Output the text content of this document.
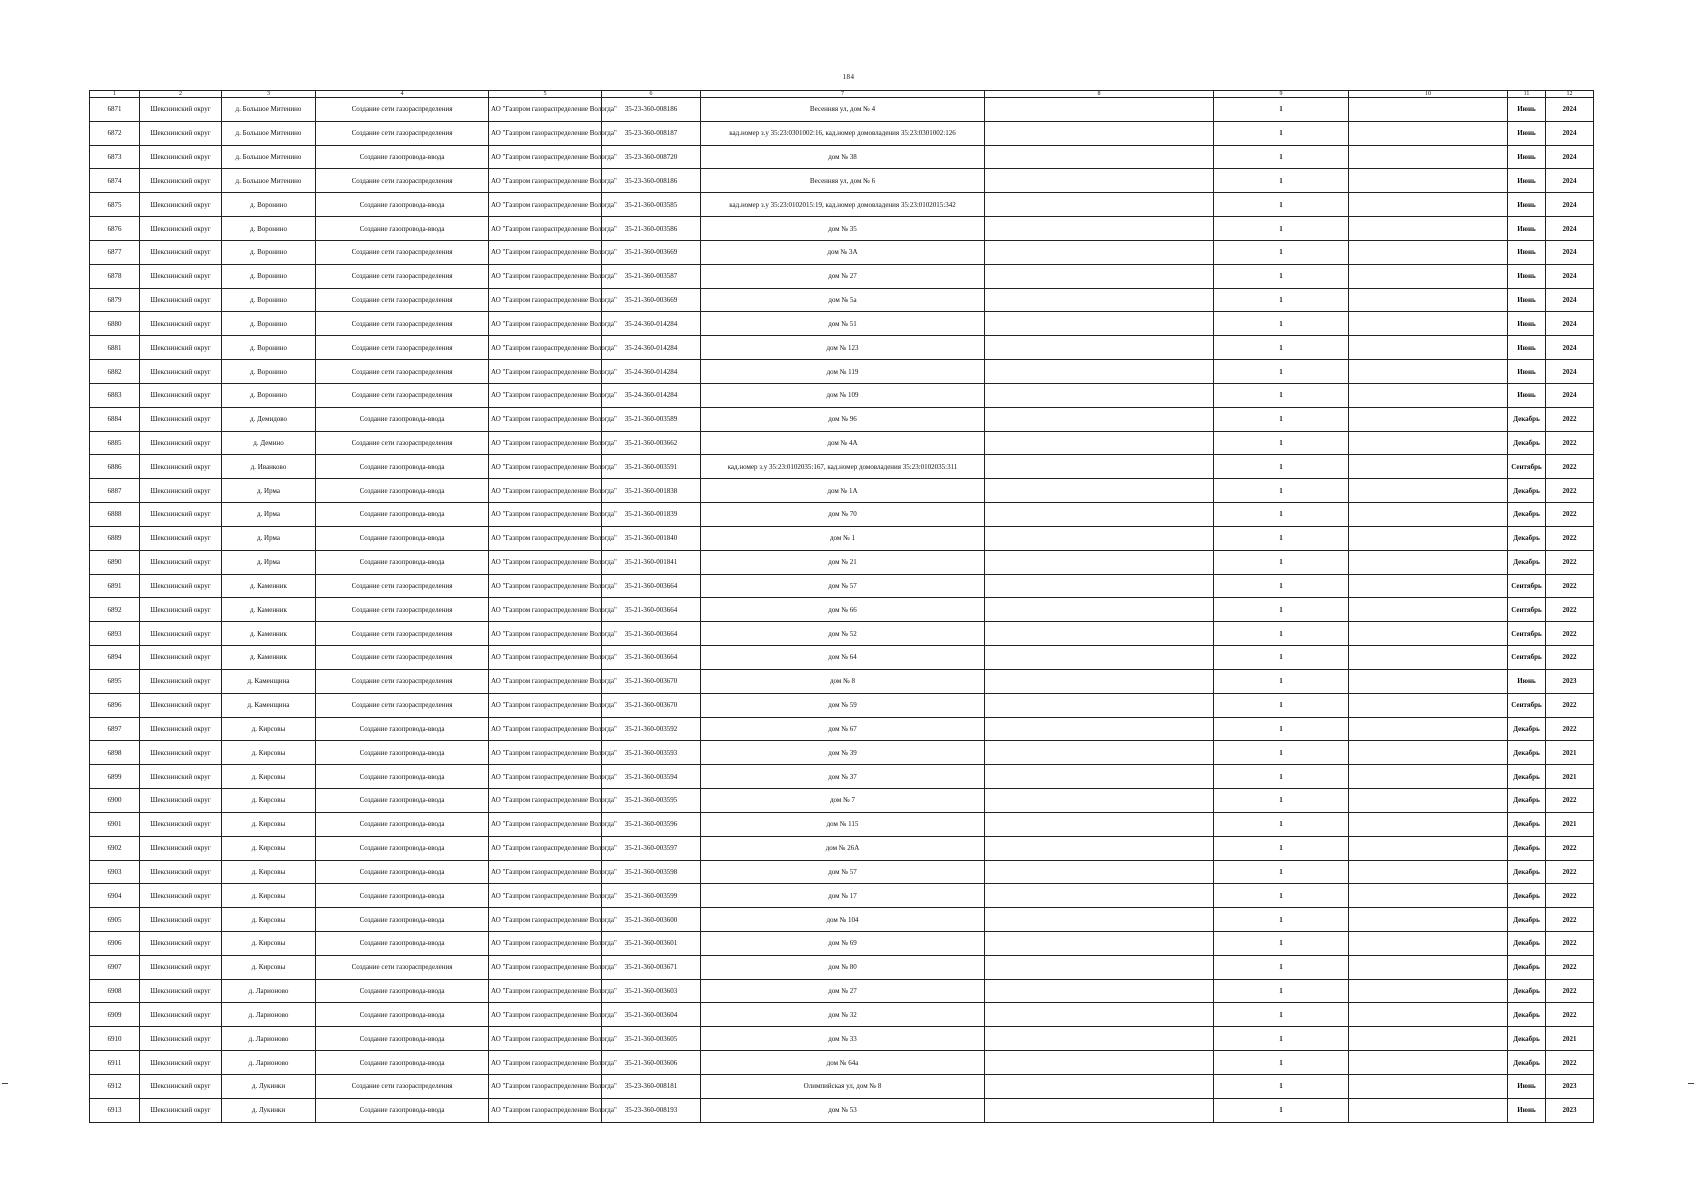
184
1	2	3	4	5	6	7	8	9	10	11	12
6871	Шекснинский округ	д. Большое Митенино	Создание сети газораспределения	АО "Газпром газораспределение Вологда"	35-23-360-008186	Весенняя ул, дом № 4		1		Июнь	2024
6872	Шекснинский округ	д. Большое Митенино	Создание сети газораспределения	АО "Газпром газораспределение Вологда"	35-23-360-008187	кад.номер з.у 35:23:0301002:16, кад.номер домовладения 35:23:0301002:126		1		Июнь	2024
6873	Шекснинский округ	д. Большое Митенино	Создание газопровода-ввода	АО "Газпром газораспределение Вологда"	35-23-360-008720	дом № 38		1		Июнь	2024
6874	Шекснинский округ	д. Большое Митенино	Создание сети газораспределения	АО "Газпром газораспределение Вологда"	35-23-360-008186	Весенняя ул, дом № 6		1		Июнь	2024
6875	Шекснинский округ	д. Воронино	Создание газопровода-ввода	АО "Газпром газораспределение Вологда"	35-21-360-003585	кад.номер з.у 35:23:0102015:19, кад.номер домовладения 35:23:0102015:342		1		Июнь	2024
6876	Шекснинский округ	д. Воронино	Создание газопровода-ввода	АО "Газпром газораспределение Вологда"	35-21-360-003586	дом № 35		1		Июнь	2024
6877	Шекснинский округ	д. Воронино	Создание сети газораспределения	АО "Газпром газораспределение Вологда"	35-21-360-003669	дом № 3А		1		Июнь	2024
6878	Шекснинский округ	д. Воронино	Создание сети газораспределения	АО "Газпром газораспределение Вологда"	35-21-360-003587	дом № 27		1		Июнь	2024
6879	Шекснинский округ	д. Воронино	Создание сети газораспределения	АО "Газпром газораспределение Вологда"	35-21-360-003669	дом № 5а		1		Июнь	2024
6880	Шекснинский округ	д. Воронино	Создание сети газораспределения	АО "Газпром газораспределение Вологда"	35-24-360-014284	дом № 51		1		Июнь	2024
6881	Шекснинский округ	д. Воронино	Создание сети газораспределения	АО "Газпром газораспределение Вологда"	35-24-360-014284	дом № 123		1		Июнь	2024
6882	Шекснинский округ	д. Воронино	Создание сети газораспределения	АО "Газпром газораспределение Вологда"	35-24-360-014284	дом № 119		1		Июнь	2024
6883	Шекснинский округ	д. Воронино	Создание сети газораспределения	АО "Газпром газораспределение Вологда"	35-24-360-014284	дом № 109		1		Июнь	2024
6884	Шекснинский округ	д. Демидово	Создание газопровода-ввода	АО "Газпром газораспределение Вологда"	35-21-360-003589	дом № 96		1		Декабрь	2022
6885	Шекснинский округ	д. Демино	Создание сети газораспределения	АО "Газпром газораспределение Вологда"	35-21-360-003662	дом № 4А		1		Декабрь	2022
6886	Шекснинский округ	д. Иванково	Создание газопровода-ввода	АО "Газпром газораспределение Вологда"	35-21-360-003591	кад.номер з.у 35:23:0102035:167, кад.номер домовладения 35:23:0102035:311		1		Сентябрь	2022
6887	Шекснинский округ	д. Ирма	Создание газопровода-ввода	АО "Газпром газораспределение Вологда"	35-21-360-001838	дом № 1А		1		Декабрь	2022
6888	Шекснинский округ	д. Ирма	Создание газопровода-ввода	АО "Газпром газораспределение Вологда"	35-21-360-001839	дом № 70		1		Декабрь	2022
6889	Шекснинский округ	д. Ирма	Создание газопровода-ввода	АО "Газпром газораспределение Вологда"	35-21-360-001840	дом № 1		1		Декабрь	2022
6890	Шекснинский округ	д. Ирма	Создание газопровода-ввода	АО "Газпром газораспределение Вологда"	35-21-360-001841	дом № 21		1		Декабрь	2022
6891	Шекснинский округ	д. Каменник	Создание сети газораспределения	АО "Газпром газораспределение Вологда"	35-21-360-003664	дом № 57		1		Сентябрь	2022
6892	Шекснинский округ	д. Каменник	Создание сети газораспределения	АО "Газпром газораспределение Вологда"	35-21-360-003664	дом № 66		1		Сентябрь	2022
6893	Шекснинский округ	д. Каменник	Создание сети газораспределения	АО "Газпром газораспределение Вологда"	35-21-360-003664	дом № 52		1		Сентябрь	2022
6894	Шекснинский округ	д. Каменник	Создание сети газораспределения	АО "Газпром газораспределение Вологда"	35-21-360-003664	дом № 64		1		Сентябрь	2022
6895	Шекснинский округ	д. Каменщина	Создание сети газораспределения	АО "Газпром газораспределение Вологда"	35-21-360-003670	дом № 8		1		Июнь	2023
6896	Шекснинский округ	д. Каменщина	Создание сети газораспределения	АО "Газпром газораспределение Вологда"	35-21-360-003670	дом № 59		1		Сентябрь	2022
6897	Шекснинский округ	д. Кирсовы	Создание газопровода-ввода	АО "Газпром газораспределение Вологда"	35-21-360-003592	дом № 67		1		Декабрь	2022
6898	Шекснинский округ	д. Кирсовы	Создание газопровода-ввода	АО "Газпром газораспределение Вологда"	35-21-360-003593	дом № 39		1		Декабрь	2021
6899	Шекснинский округ	д. Кирсовы	Создание газопровода-ввода	АО "Газпром газораспределение Вологда"	35-21-360-003594	дом № 37		1		Декабрь	2021
6900	Шекснинский округ	д. Кирсовы	Создание газопровода-ввода	АО "Газпром газораспределение Вологда"	35-21-360-003595	дом № 7		1		Декабрь	2022
6901	Шекснинский округ	д. Кирсовы	Создание газопровода-ввода	АО "Газпром газораспределение Вологда"	35-21-360-003596	дом № 115		1		Декабрь	2021
6902	Шекснинский округ	д. Кирсовы	Создание газопровода-ввода	АО "Газпром газораспределение Вологда"	35-21-360-003597	дом № 26А		1		Декабрь	2022
6903	Шекснинский округ	д. Кирсовы	Создание газопровода-ввода	АО "Газпром газораспределение Вологда"	35-21-360-003598	дом № 57		1		Декабрь	2022
6904	Шекснинский округ	д. Кирсовы	Создание газопровода-ввода	АО "Газпром газораспределение Вологда"	35-21-360-003599	дом № 17		1		Декабрь	2022
6905	Шекснинский округ	д. Кирсовы	Создание газопровода-ввода	АО "Газпром газораспределение Вологда"	35-21-360-003600	дом № 104		1		Декабрь	2022
6906	Шекснинский округ	д. Кирсовы	Создание газопровода-ввода	АО "Газпром газораспределение Вологда"	35-21-360-003601	дом № 69		1		Декабрь	2022
6907	Шекснинский округ	д. Кирсовы	Создание сети газораспределения	АО "Газпром газораспределение Вологда"	35-21-360-003671	дом № 80		1		Декабрь	2022
6908	Шекснинский округ	д. Ларионово	Создание газопровода-ввода	АО "Газпром газораспределение Вологда"	35-21-360-003603	дом № 27		1		Декабрь	2022
6909	Шекснинский округ	д. Ларионово	Создание газопровода-ввода	АО "Газпром газораспределение Вологда"	35-21-360-003604	дом № 32		1		Декабрь	2022
6910	Шекснинский округ	д. Ларионово	Создание газопровода-ввода	АО "Газпром газораспределение Вологда"	35-21-360-003605	дом № 33		1		Декабрь	2021
6911	Шекснинский округ	д. Ларионово	Создание газопровода-ввода	АО "Газпром газораспределение Вологда"	35-21-360-003606	дом № 64а		1		Декабрь	2022
6912	Шекснинский округ	д. Лукинки	Создание сети газораспределения	АО "Газпром газораспределение Вологда"	35-23-360-008181	Олимпийская ул, дом № 8		1		Июнь	2023
6913	Шекснинский округ	д. Лукинки	Создание газопровода-ввода	АО "Газпром газораспределение Вологда"	35-23-360-008193	дом № 53		1		Июнь	2023
